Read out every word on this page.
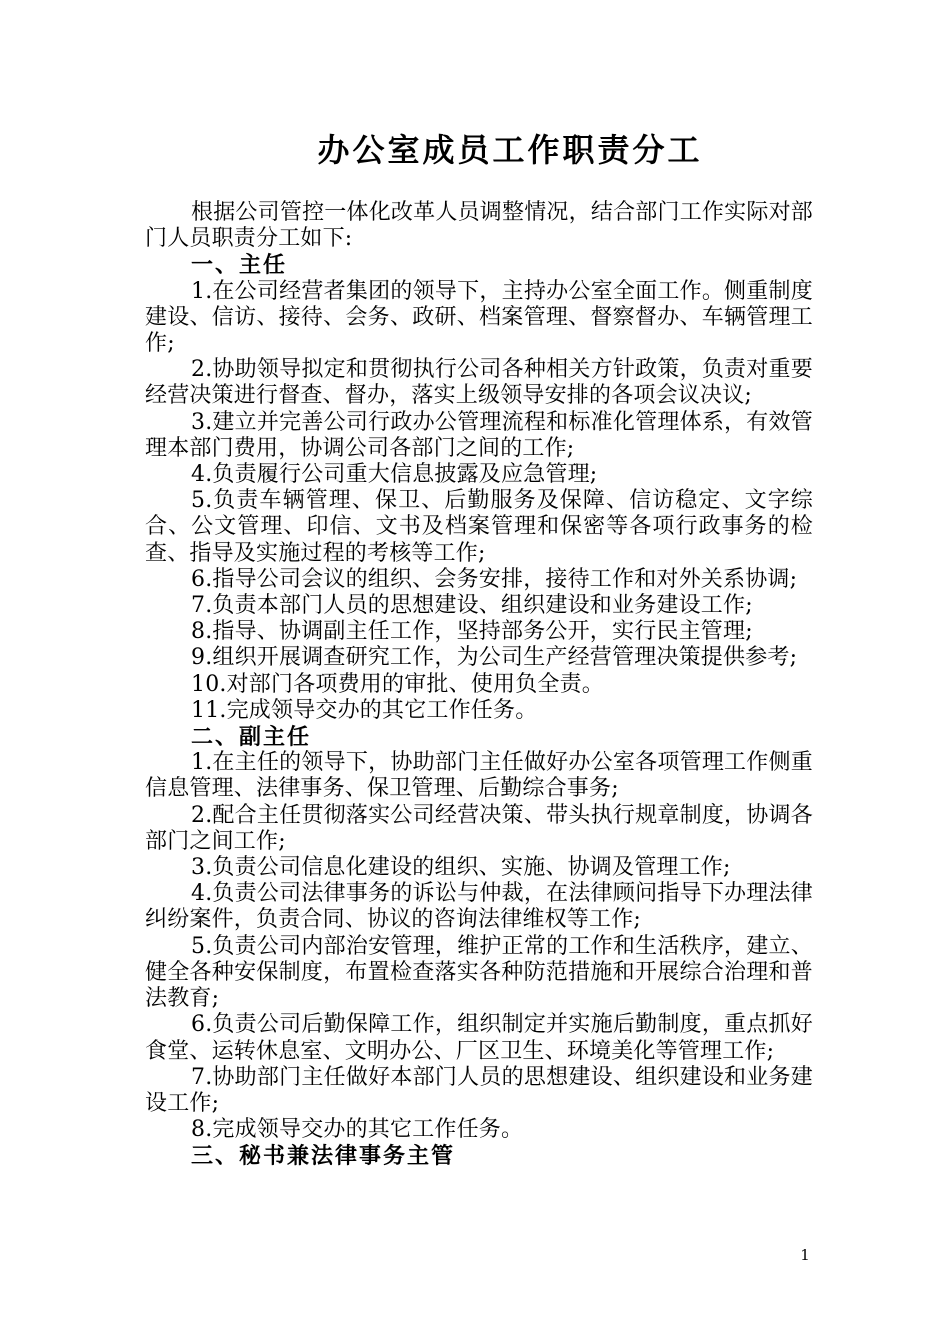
办公室成员工作职责分工

根据公司管控一体化改革人员调整情况，结合部门工作实际对部门人员职责分工如下:

一、主任

1.在公司经营者集团的领导下，主持办公室全面工作。侧重制度建设、信访、接待、会务、政研、档案管理、督察督办、车辆管理工作;

2.协助领导拟定和贯彻执行公司各种相关方针政策，负责对重要经营决策进行督查、督办，落实上级领导安排的各项会议决议;

3.建立并完善公司行政办公管理流程和标准化管理体系，有效管理本部门费用，协调公司各部门之间的工作;

4.负责履行公司重大信息披露及应急管理;

5.负责车辆管理、保卫、后勤服务及保障、信访稳定、文字综合、公文管理、印信、文书及档案管理和保密等各项行政事务的检查、指导及实施过程的考核等工作;

6.指导公司会议的组织、会务安排，接待工作和对外关系协调;

7.负责本部门人员的思想建设、组织建设和业务建设工作;

8.指导、协调副主任工作，坚持部务公开，实行民主管理;

9.组织开展调查研究工作，为公司生产经营管理决策提供参考;

10.对部门各项费用的审批、使用负全责。

11.完成领导交办的其它工作任务。

二、副主任

1.在主任的领导下，协助部门主任做好办公室各项管理工作侧重信息管理、法律事务、保卫管理、后勤综合事务;

2.配合主任贯彻落实公司经营决策、带头执行规章制度，协调各部门之间工作;

3.负责公司信息化建设的组织、实施、协调及管理工作;

4.负责公司法律事务的诉讼与仲裁，在法律顾问指导下办理法律纠纷案件，负责合同、协议的咨询法律维权等工作;

5.负责公司内部治安管理，维护正常的工作和生活秩序，建立、健全各种安保制度，布置检查落实各种防范措施和开展综合治理和普法教育;

6.负责公司后勤保障工作，组织制定并实施后勤制度，重点抓好食堂、运转休息室、文明办公、厂区卫生、环境美化等管理工作;

7.协助部门主任做好本部门人员的思想建设、组织建设和业务建设工作;

8.完成领导交办的其它工作任务。

三、秘书兼法律事务主管

1
